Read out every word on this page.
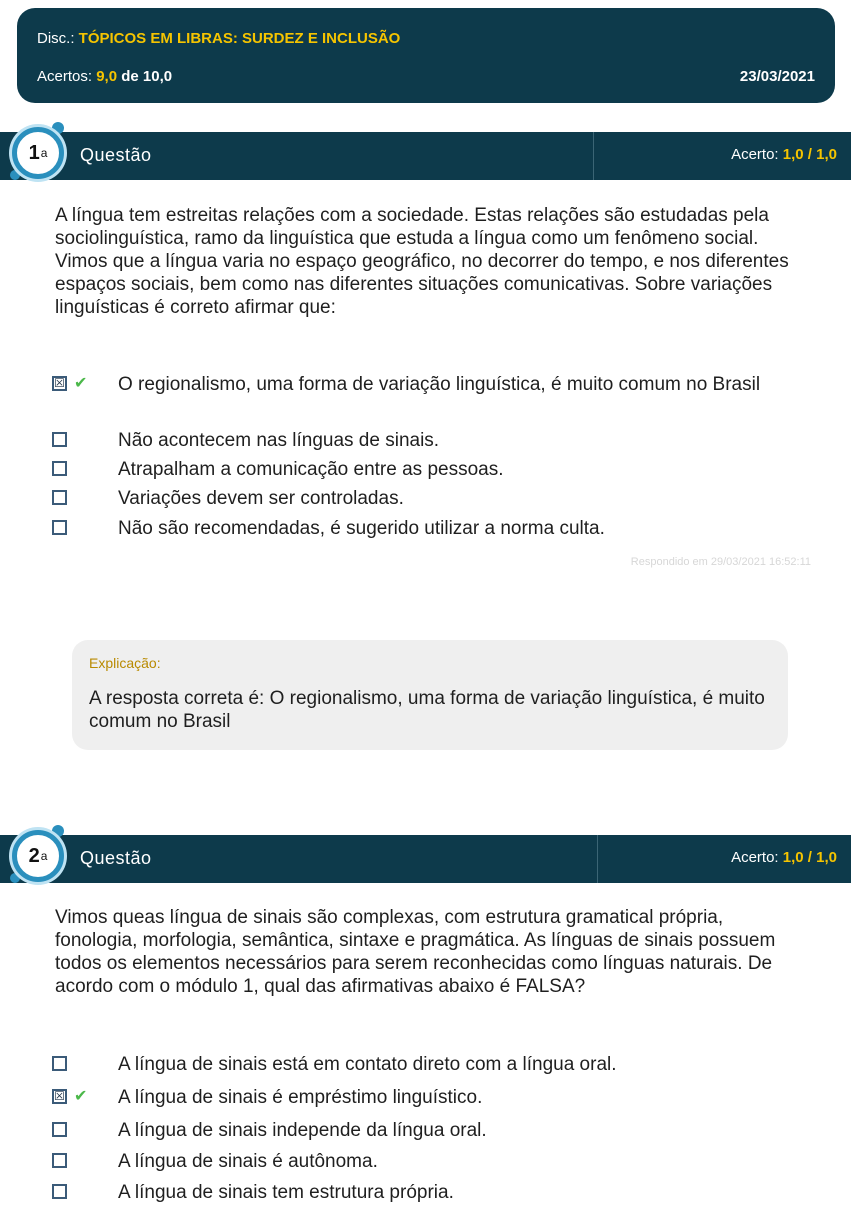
Disc.: TÓPICOS EM LIBRAS: SURDEZ E INCLUSÃO
Acertos: 9,0 de 10,0	23/03/2021
Questão	Acerto: 1,0 / 1,0
1 a
A língua tem estreitas relações com a sociedade. Estas relações são estudadas pela sociolinguística, ramo da linguística que estuda a língua como um fenômeno social. Vimos que a língua varia no espaço geográfico, no decorrer do tempo, e nos diferentes espaços sociais, bem como nas diferentes situações comunicativas. Sobre variações linguísticas é correto afirmar que:
☒ ✔ O regionalismo, uma forma de variação linguística, é muito comum no Brasil
Não acontecem nas línguas de sinais.
Atrapalham a comunicação entre as pessoas.
Variações devem ser controladas.
Não são recomendadas, é sugerido utilizar a norma culta.
Respondido em 29/03/2021 16:52:11
Explicação:
A resposta correta é: O regionalismo, uma forma de variação linguística, é muito comum no Brasil
Questão	Acerto: 1,0 / 1,0
2 a
Vimos queas língua de sinais são complexas, com estrutura gramatical própria, fonologia, morfologia, semântica, sintaxe e pragmática. As línguas de sinais possuem todos os elementos necessários para serem reconhecidas como línguas naturais. De acordo com o módulo 1, qual das afirmativas abaixo é FALSA?
A língua de sinais está em contato direto com a língua oral.
☒ ✔ A língua de sinais é empréstimo linguístico.
A língua de sinais independe da língua oral.
A língua de sinais é autônoma.
A língua de sinais tem estrutura própria.
